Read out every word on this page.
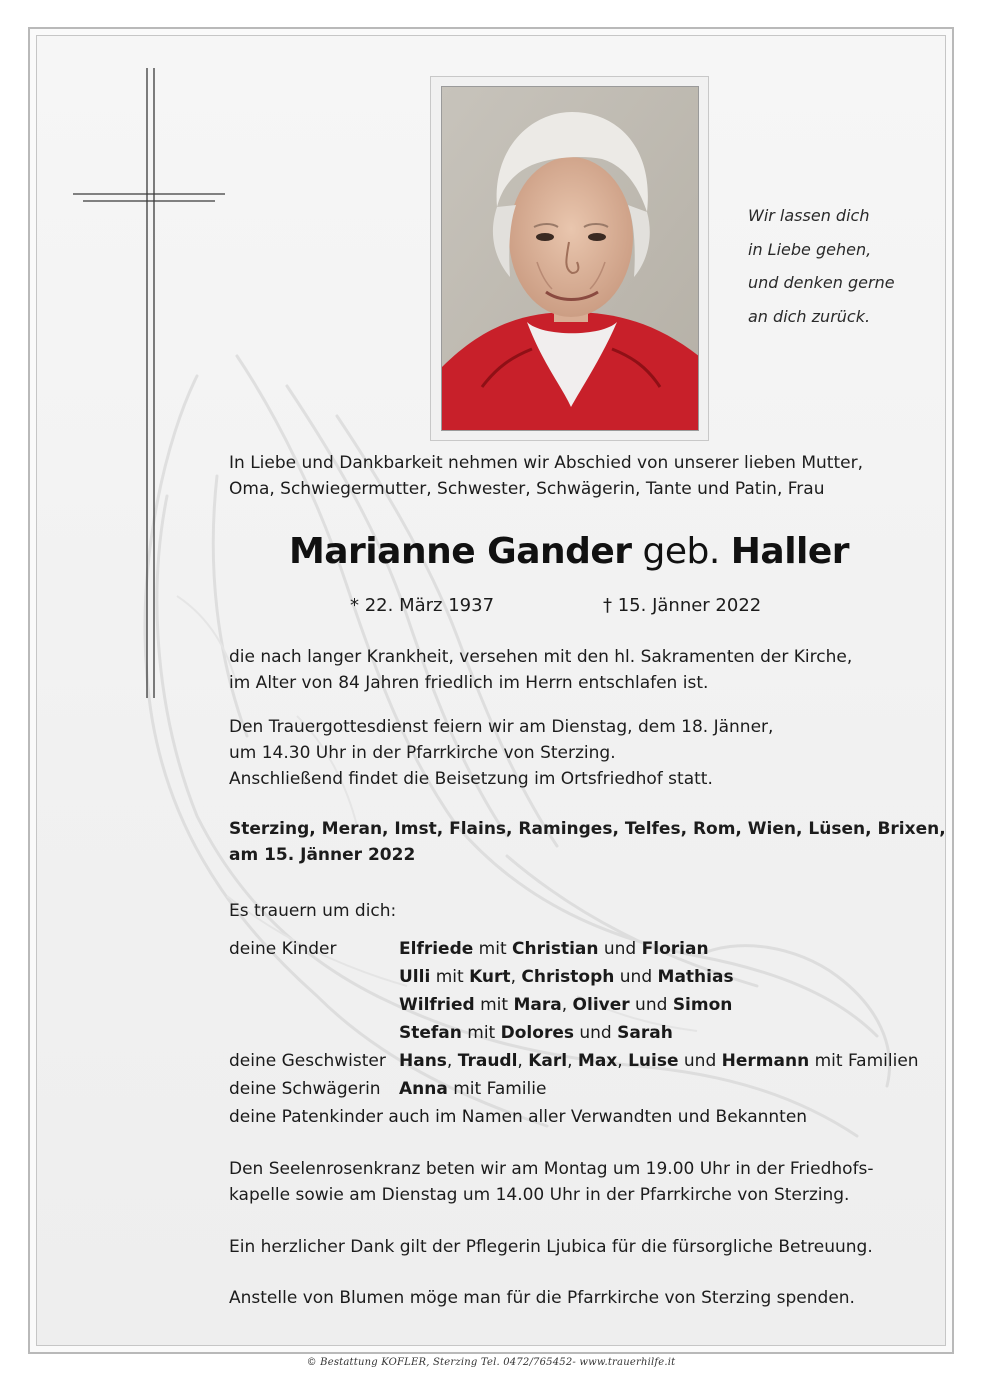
Wir lassen dich
in Liebe gehen,
und denken gerne
an dich zurück.
In Liebe und Dankbarkeit nehmen wir Abschied von unserer lieben Mutter,
Oma, Schwiegermutter, Schwester, Schwägerin, Tante und Patin, Frau
Marianne Gander geb. Haller
* 22. März 1937	† 15. Jänner 2022
die nach langer Krankheit, versehen mit den hl. Sakramenten der Kirche,
im Alter von 84 Jahren friedlich im Herrn entschlafen ist.
Den Trauergottesdienst feiern wir am Dienstag, dem 18. Jänner,
um 14.30 Uhr in der Pfarrkirche von Sterzing.
Anschließend findet die Beisetzung im Ortsfriedhof statt.
Sterzing, Meran, Imst, Flains, Raminges, Telfes, Rom, Wien, Lüsen, Brixen,
am 15. Jänner 2022
Es trauern um dich:
deine Kinder	Elfriede mit Christian und Florian
Ulli mit Kurt, Christoph und Mathias
Wilfried mit Mara, Oliver und Simon
Stefan mit Dolores und Sarah
deine Geschwister Hans, Traudl, Karl, Max, Luise und Hermann mit Familien
deine Schwägerin Anna mit Familie
deine Patenkinder auch im Namen aller Verwandten und Bekannten
Den Seelenrosenkranz beten wir am Montag um 19.00 Uhr in der Friedhofs-
kapelle sowie am Dienstag um 14.00 Uhr in der Pfarrkirche von Sterzing.
Ein herzlicher Dank gilt der Pflegerin Ljubica für die fürsorgliche Betreuung.
Anstelle von Blumen möge man für die Pfarrkirche von Sterzing spenden.
© Bestattung KOFLER, Sterzing Tel. 0472/765452- www.trauerhilfe.it
